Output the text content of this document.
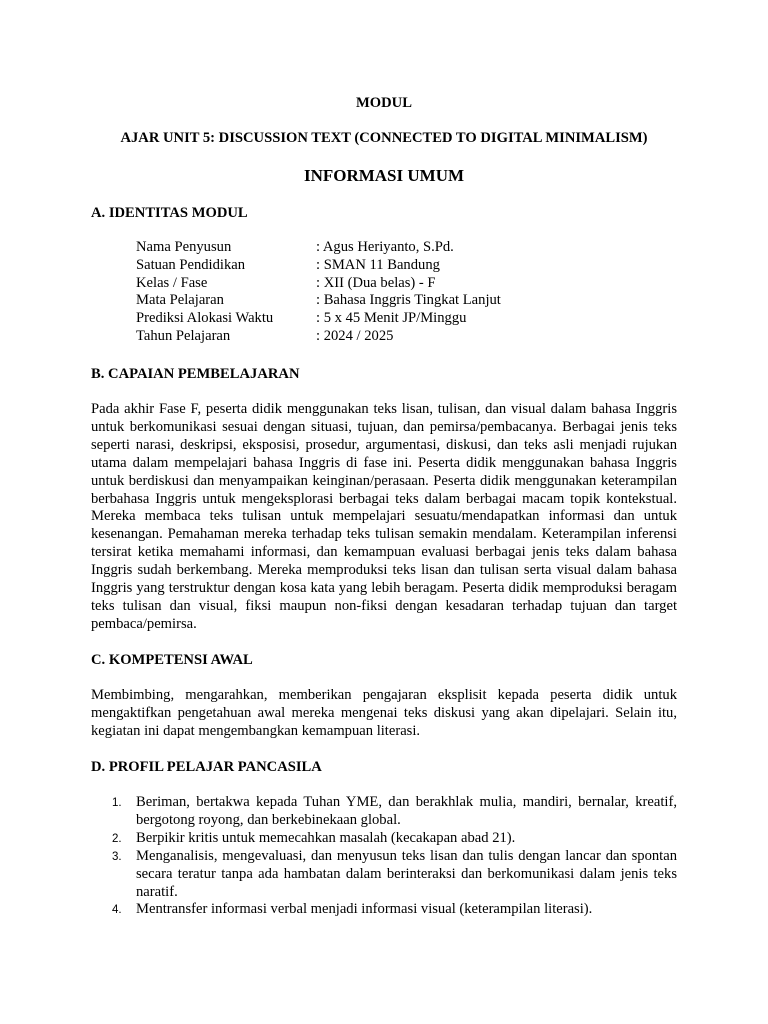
MODUL
AJAR UNIT 5: DISCUSSION TEXT (CONNECTED TO DIGITAL MINIMALISM)
INFORMASI UMUM
A. IDENTITAS MODUL
Nama Penyusun	: Agus Heriyanto, S.Pd.
Satuan Pendidikan	: SMAN 11 Bandung
Kelas / Fase	: XII (Dua belas) - F
Mata Pelajaran	: Bahasa Inggris Tingkat Lanjut
Prediksi Alokasi Waktu	: 5 x 45 Menit JP/Minggu
Tahun Pelajaran	: 2024 / 2025
B. CAPAIAN PEMBELAJARAN
Pada akhir Fase F, peserta didik menggunakan teks lisan, tulisan, dan visual dalam bahasa Inggris untuk berkomunikasi sesuai dengan situasi, tujuan, dan pemirsa/pembacanya. Berbagai jenis teks seperti narasi, deskripsi, eksposisi, prosedur, argumentasi, diskusi, dan teks asli menjadi rujukan utama dalam mempelajari bahasa Inggris di fase ini. Peserta didik menggunakan bahasa Inggris untuk berdiskusi dan menyampaikan keinginan/perasaan. Peserta didik menggunakan keterampilan berbahasa Inggris untuk mengeksplorasi berbagai teks dalam berbagai macam topik kontekstual. Mereka membaca teks tulisan untuk mempelajari sesuatu/mendapatkan informasi dan untuk kesenangan. Pemahaman mereka terhadap teks tulisan semakin mendalam. Keterampilan inferensi tersirat ketika memahami informasi, dan kemampuan evaluasi berbagai jenis teks dalam bahasa Inggris sudah berkembang. Mereka memproduksi teks lisan dan tulisan serta visual dalam bahasa Inggris yang terstruktur dengan kosa kata yang lebih beragam. Peserta didik memproduksi beragam teks tulisan dan visual, fiksi maupun non-fiksi dengan kesadaran terhadap tujuan dan target pembaca/pemirsa.
C. KOMPETENSI AWAL
Membimbing, mengarahkan, memberikan pengajaran eksplisit kepada peserta didik untuk mengaktifkan pengetahuan awal mereka mengenai teks diskusi yang akan dipelajari. Selain itu, kegiatan ini dapat mengembangkan kemampuan literasi.
D. PROFIL PELAJAR PANCASILA
1. Beriman, bertakwa kepada Tuhan YME, dan berakhlak mulia, mandiri, bernalar, kreatif, bergotong royong, dan berkebinekaan global.
2. Berpikir kritis untuk memecahkan masalah (kecakapan abad 21).
3. Menganalisis, mengevaluasi, dan menyusun teks lisan dan tulis dengan lancar dan spontan secara teratur tanpa ada hambatan dalam berinteraksi dan berkomunikasi dalam jenis teks naratif.
4. Mentransfer informasi verbal menjadi informasi visual (keterampilan literasi).
